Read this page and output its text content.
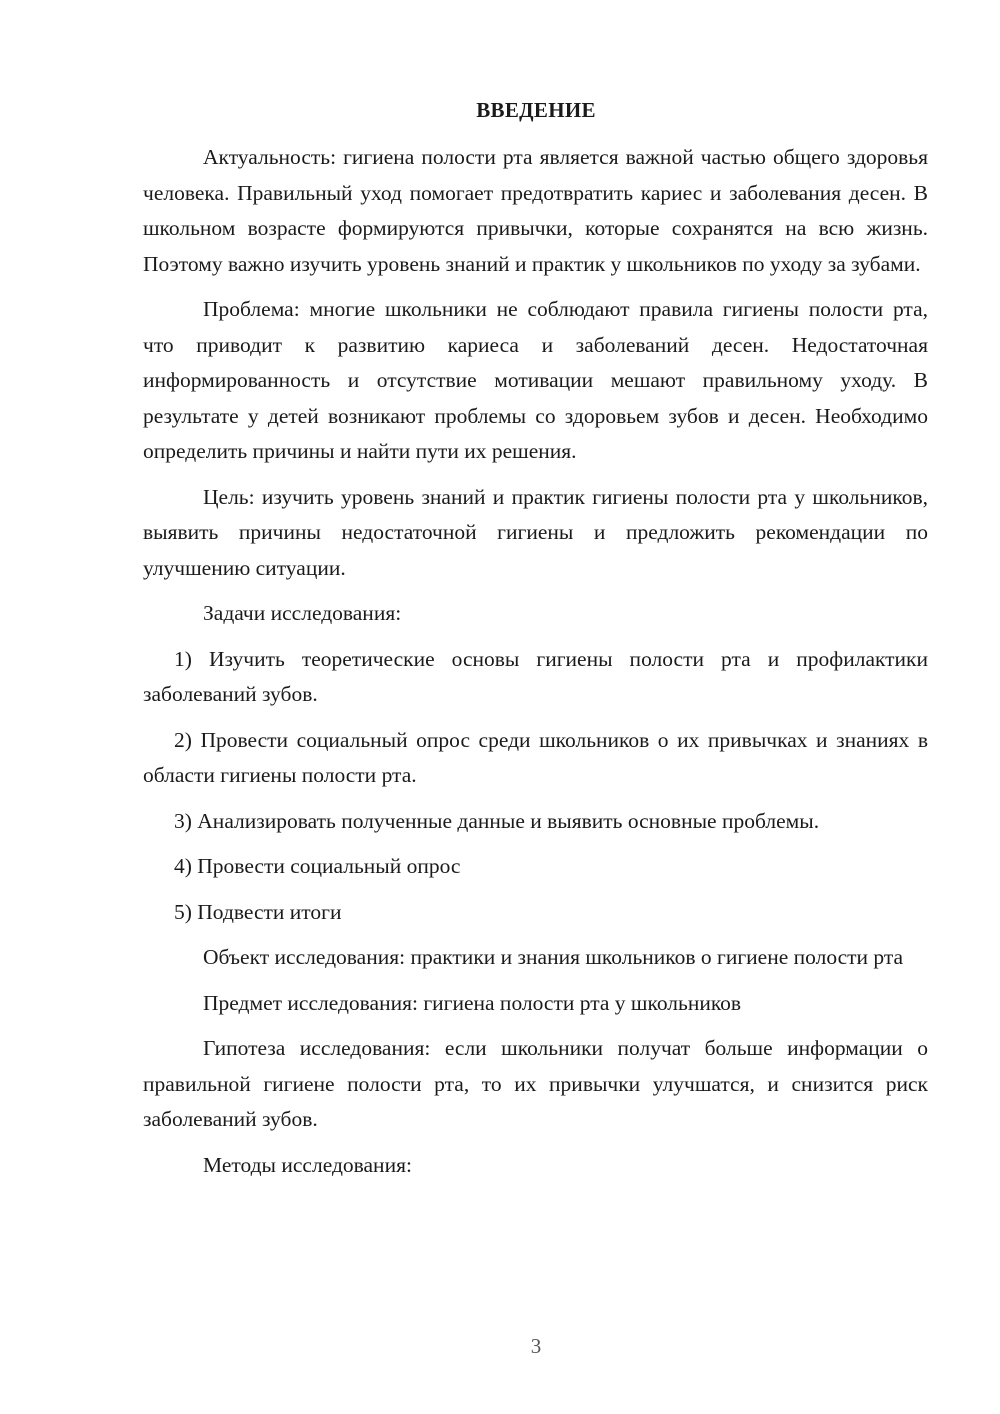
ВВЕДЕНИЕ

Актуальность: гигиена полости рта является важной частью общего здоровья человека. Правильный уход помогает предотвратить кариес и заболевания десен. В школьном возрасте формируются привычки, которые сохранятся на всю жизнь. Поэтому важно изучить уровень знаний и практик у школьников по уходу за зубами.

Проблема: многие школьники не соблюдают правила гигиены полости рта, что приводит к развитию кариеса и заболеваний десен. Недостаточная информированность и отсутствие мотивации мешают правильному уходу. В результате у детей возникают проблемы со здоровьем зубов и десен. Необходимо определить причины и найти пути их решения.

Цель: изучить уровень знаний и практик гигиены полости рта у школьников, выявить причины недостаточной гигиены и предложить рекомендации по улучшению ситуации.

Задачи исследования:

1) Изучить теоретические основы гигиены полости рта и профилактики заболеваний зубов.

2) Провести социальный опрос среди школьников о их привычках и знаниях в области гигиены полости рта.

3) Анализировать полученные данные и выявить основные проблемы.

4) Провести социальный опрос

5) Подвести итоги

Объект исследования: практики и знания школьников о гигиене полости рта

Предмет исследования: гигиена полости рта у школьников

Гипотеза исследования: если школьники получат больше информации о правильной гигиене полости рта, то их привычки улучшатся, и снизится риск заболеваний зубов.

Методы исследования:

3
